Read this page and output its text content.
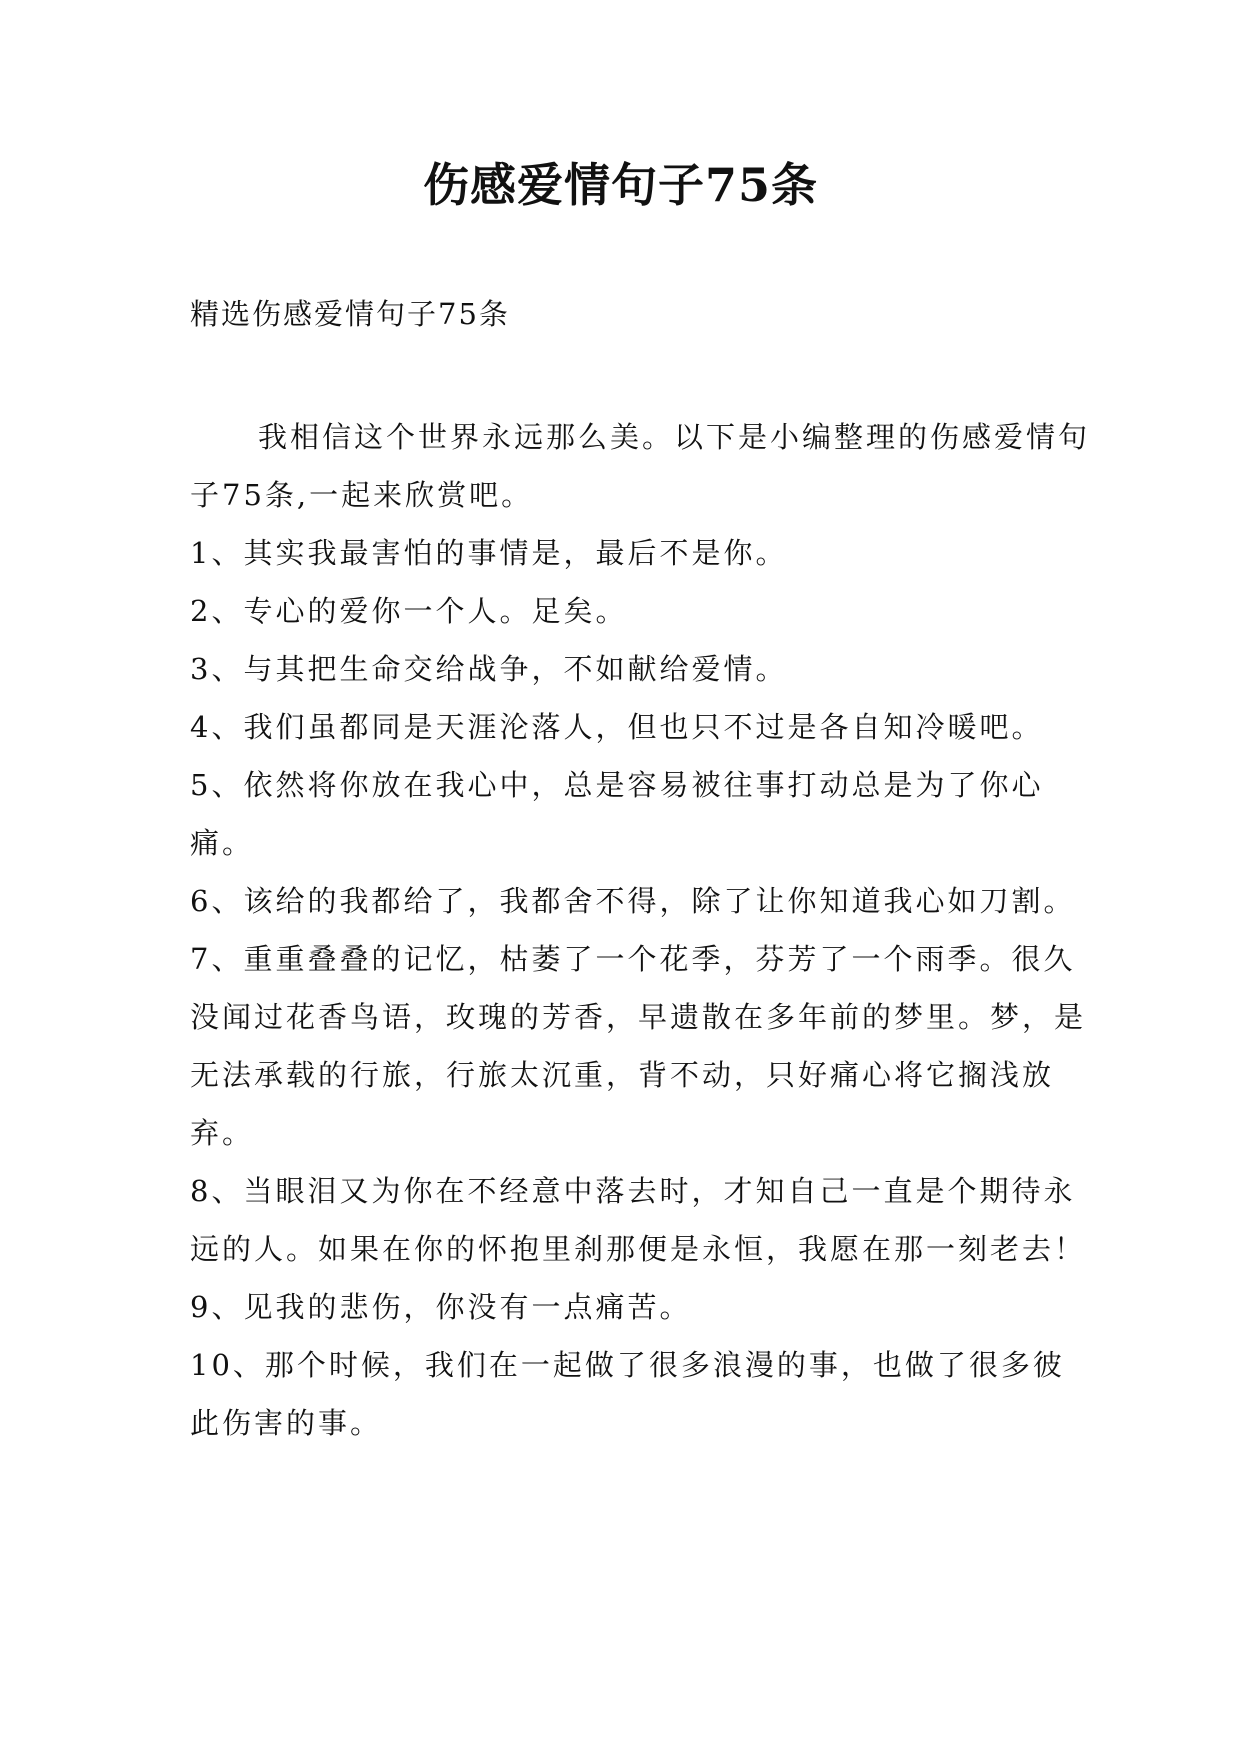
伤感爱情句子75条
精选伤感爱情句子75条

我相信这个世界永远那么美。以下是小编整理的伤感爱情句子75条,一起来欣赏吧。

1、其实我最害怕的事情是，最后不是你。

2、专心的爱你一个人。足矣。

3、与其把生命交给战争，不如献给爱情。

4、我们虽都同是天涯沦落人，但也只不过是各自知冷暖吧。

5、依然将你放在我心中，总是容易被往事打动总是为了你心痛。

6、该给的我都给了，我都舍不得，除了让你知道我心如刀割。

7、重重叠叠的记忆，枯萎了一个花季，芬芳了一个雨季。很久没闻过花香鸟语，玫瑰的芳香，早遗散在多年前的梦里。梦，是无法承载的行旅，行旅太沉重，背不动，只好痛心将它搁浅放弃。

8、当眼泪又为你在不经意中落去时，才知自己一直是个期待永远的人。如果在你的怀抱里刹那便是永恒，我愿在那一刻老去！

9、见我的悲伤，你没有一点痛苦。

10、那个时候，我们在一起做了很多浪漫的事，也做了很多彼此伤害的事。
